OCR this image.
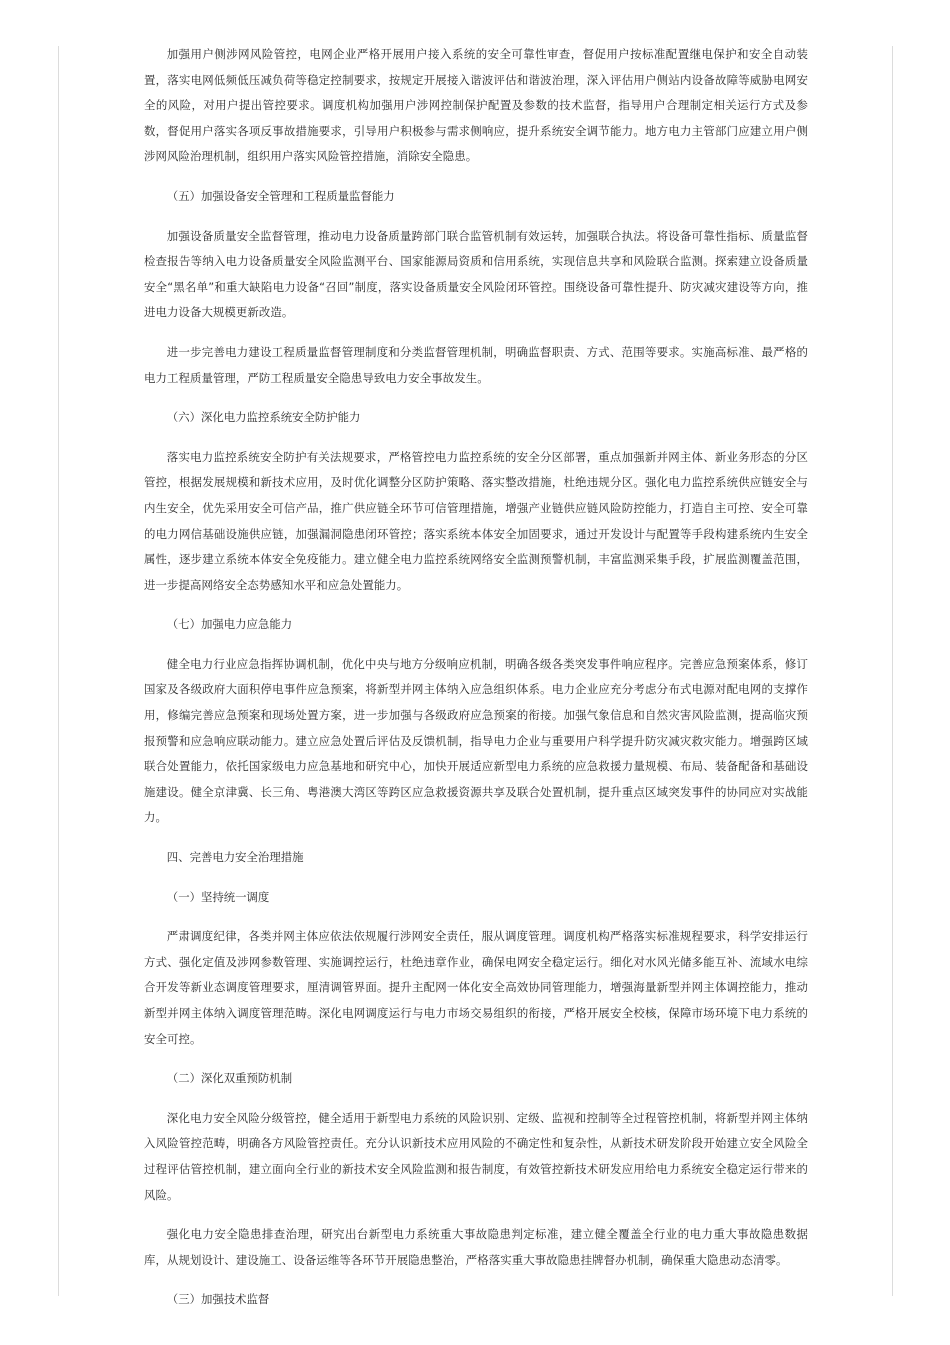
加强用户侧涉网风险管控，电网企业严格开展用户接入系统的安全可靠性审查，督促用户按标准配置继电保护和安全自动装置，落实电网低频低压减负荷等稳定控制要求，按规定开展接入谐波评估和谐波治理，深入评估用户侧站内设备故障等威胁电网安全的风险，对用户提出管控要求。调度机构加强用户涉网控制保护配置及参数的技术监督，指导用户合理制定相关运行方式及参数，督促用户落实各项反事故措施要求，引导用户积极参与需求侧响应，提升系统安全调节能力。地方电力主管部门应建立用户侧涉网风险治理机制，组织用户落实风险管控措施，消除安全隐患。

（五）加强设备安全管理和工程质量监督能力

加强设备质量安全监督管理，推动电力设备质量跨部门联合监管机制有效运转，加强联合执法。将设备可靠性指标、质量监督检查报告等纳入电力设备质量安全风险监测平台、国家能源局资质和信用系统，实现信息共享和风险联合监测。探索建立设备质量安全“黑名单”和重大缺陷电力设备“召回”制度，落实设备质量安全风险闭环管控。围绕设备可靠性提升、防灾减灾建设等方向，推进电力设备大规模更新改造。

进一步完善电力建设工程质量监督管理制度和分类监督管理机制，明确监督职责、方式、范围等要求。实施高标准、最严格的电力工程质量管理，严防工程质量安全隐患导致电力安全事故发生。

（六）深化电力监控系统安全防护能力

落实电力监控系统安全防护有关法规要求，严格管控电力监控系统的安全分区部署，重点加强新并网主体、新业务形态的分区管控，根据发展规模和新技术应用，及时优化调整分区防护策略、落实整改措施，杜绝违规分区。强化电力监控系统供应链安全与内生安全，优先采用安全可信产品，推广供应链全环节可信管理措施，增强产业链供应链风险防控能力，打造自主可控、安全可靠的电力网信基础设施供应链，加强漏洞隐患闭环管控；落实系统本体安全加固要求，通过开发设计与配置等手段构建系统内生安全属性，逐步建立系统本体安全免疫能力。建立健全电力监控系统网络安全监测预警机制，丰富监测采集手段，扩展监测覆盖范围，进一步提高网络安全态势感知水平和应急处置能力。

（七）加强电力应急能力

健全电力行业应急指挥协调机制，优化中央与地方分级响应机制，明确各级各类突发事件响应程序。完善应急预案体系，修订国家及各级政府大面积停电事件应急预案，将新型并网主体纳入应急组织体系。电力企业应充分考虑分布式电源对配电网的支撑作用，修编完善应急预案和现场处置方案，进一步加强与各级政府应急预案的衔接。加强气象信息和自然灾害风险监测，提高临灾预报预警和应急响应联动能力。建立应急处置后评估及反馈机制，指导电力企业与重要用户科学提升防灾减灾救灾能力。增强跨区域联合处置能力，依托国家级电力应急基地和研究中心，加快开展适应新型电力系统的应急救援力量规模、布局、装备配备和基础设施建设。健全京津冀、长三角、粤港澳大湾区等跨区应急救援资源共享及联合处置机制，提升重点区域突发事件的协同应对实战能力。

四、完善电力安全治理措施

（一）坚持统一调度

严肃调度纪律，各类并网主体应依法依规履行涉网安全责任，服从调度管理。调度机构严格落实标准规程要求，科学安排运行方式、强化定值及涉网参数管理、实施调控运行，杜绝违章作业，确保电网安全稳定运行。细化对水风光储多能互补、流域水电综合开发等新业态调度管理要求，厘清调管界面。提升主配网一体化安全高效协同管理能力，增强海量新型并网主体调控能力，推动新型并网主体纳入调度管理范畴。深化电网调度运行与电力市场交易组织的衔接，严格开展安全校核，保障市场环境下电力系统的安全可控。

（二）深化双重预防机制

深化电力安全风险分级管控，健全适用于新型电力系统的风险识别、定级、监视和控制等全过程管控机制，将新型并网主体纳入风险管控范畴，明确各方风险管控责任。充分认识新技术应用风险的不确定性和复杂性，从新技术研发阶段开始建立安全风险全过程评估管控机制，建立面向全行业的新技术安全风险监测和报告制度，有效管控新技术研发应用给电力系统安全稳定运行带来的风险。

强化电力安全隐患排查治理，研究出台新型电力系统重大事故隐患判定标准，建立健全覆盖全行业的电力重大事故隐患数据库，从规划设计、建设施工、设备运维等各环节开展隐患整治，严格落实重大事故隐患挂牌督办机制，确保重大隐患动态清零。

（三）加强技术监督
